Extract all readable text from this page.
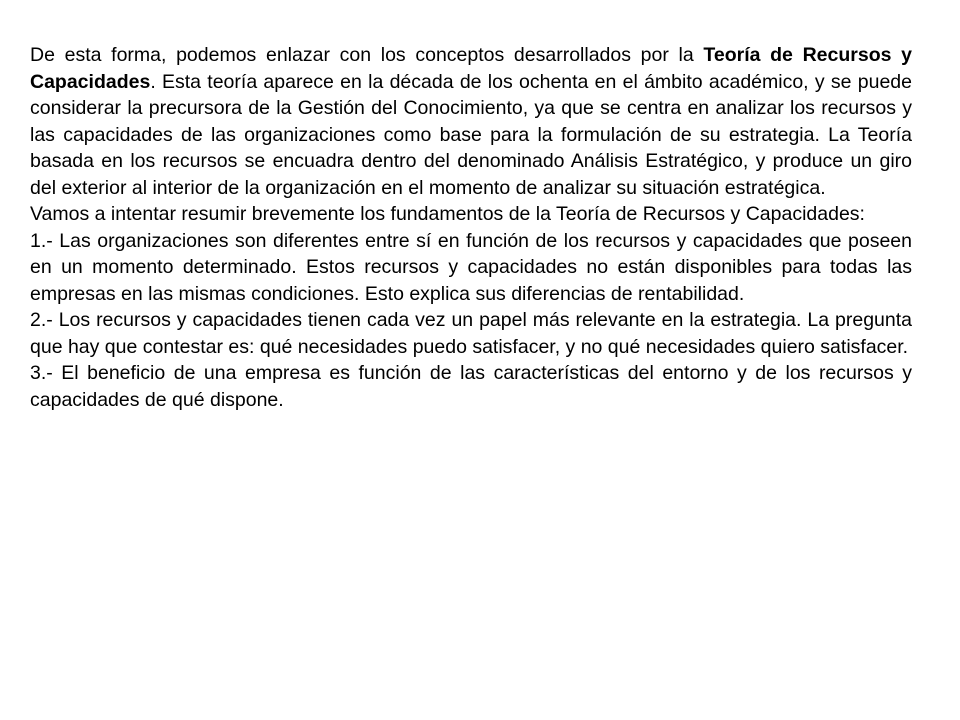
De esta forma, podemos enlazar con los conceptos desarrollados por la Teoría de Recursos y Capacidades. Esta teoría aparece en la década de los ochenta en el ámbito académico, y se puede considerar la precursora de la Gestión del Conocimiento, ya que se centra en analizar los recursos y las capacidades de las organizaciones como base para la formulación de su estrategia. La Teoría basada en los recursos se encuadra dentro del denominado Análisis Estratégico, y produce un giro del exterior al interior de la organización en el momento de analizar su situación estratégica.

Vamos a intentar resumir brevemente los fundamentos de la Teoría de Recursos y Capacidades:

1.- Las organizaciones son diferentes entre sí en función de los recursos y capacidades que poseen en un momento determinado. Estos recursos y capacidades no están disponibles para todas las empresas en las mismas condiciones. Esto explica sus diferencias de rentabilidad.

2.- Los recursos y capacidades tienen cada vez un papel más relevante en la estrategia. La pregunta que hay que contestar es: qué necesidades puedo satisfacer, y no qué necesidades quiero satisfacer.

3.- El beneficio de una empresa es función de las características del entorno y de los recursos y capacidades de qué dispone.
